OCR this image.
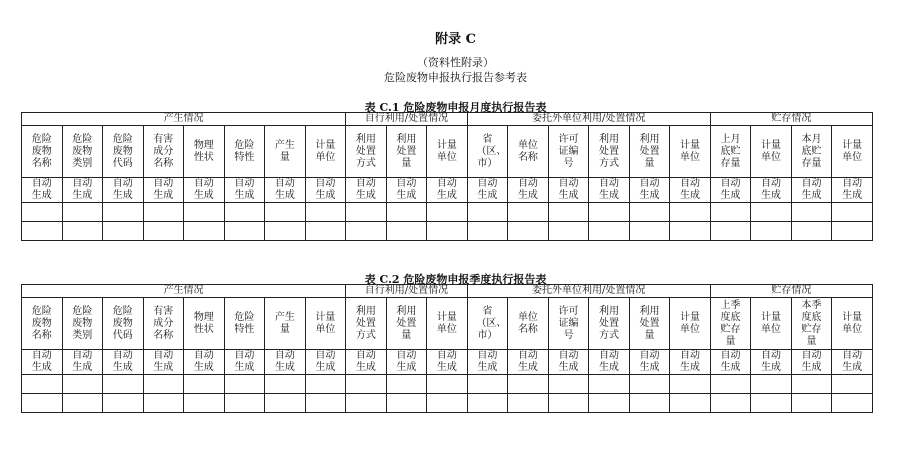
附录 C
（资料性附录）
危险废物申报执行报告参考表
表 C.1 危险废物申报月度执行报告表
产生情况								自行利用/处置情况			委托外单位利用/处置情况						贮存情况			

危险废物名称	危险废物类别	危险废物代码	有害成分名称	物理性状	危险特性	产生量	计量单位	利用处置方式	利用处置量	计量单位	省（区、市）	单位名称	许可证编号	利用处置方式	利用处置量	计量单位	上月底贮存量	计量单位	本月底贮存量	计量单位

自动生成	自动生成	自动生成	自动生成	自动生成	自动生成	自动生成	自动生成	自动生成	自动生成	自动生成	自动生成	自动生成	自动生成	自动生成	自动生成	自动生成	自动生成	自动生成	自动生成	自动生成

表 C.2 危险废物申报季度执行报告表
产生情况								自行利用/处置情况			委托外单位利用/处置情况						贮存情况			

危险废物名称	危险废物类别	危险废物代码	有害成分名称	物理性状	危险特性	产生量	计量单位	利用处置方式	利用处置量	计量单位	省（区、市）	单位名称	许可证编号	利用处置方式	利用处置量	计量单位	上季度底贮存量	计量单位	本季度底贮存量	计量单位

自动生成	自动生成	自动生成	自动生成	自动生成	自动生成	自动生成	自动生成	自动生成	自动生成	自动生成	自动生成	自动生成	自动生成	自动生成	自动生成	自动生成	自动生成	自动生成	自动生成	自动生成
